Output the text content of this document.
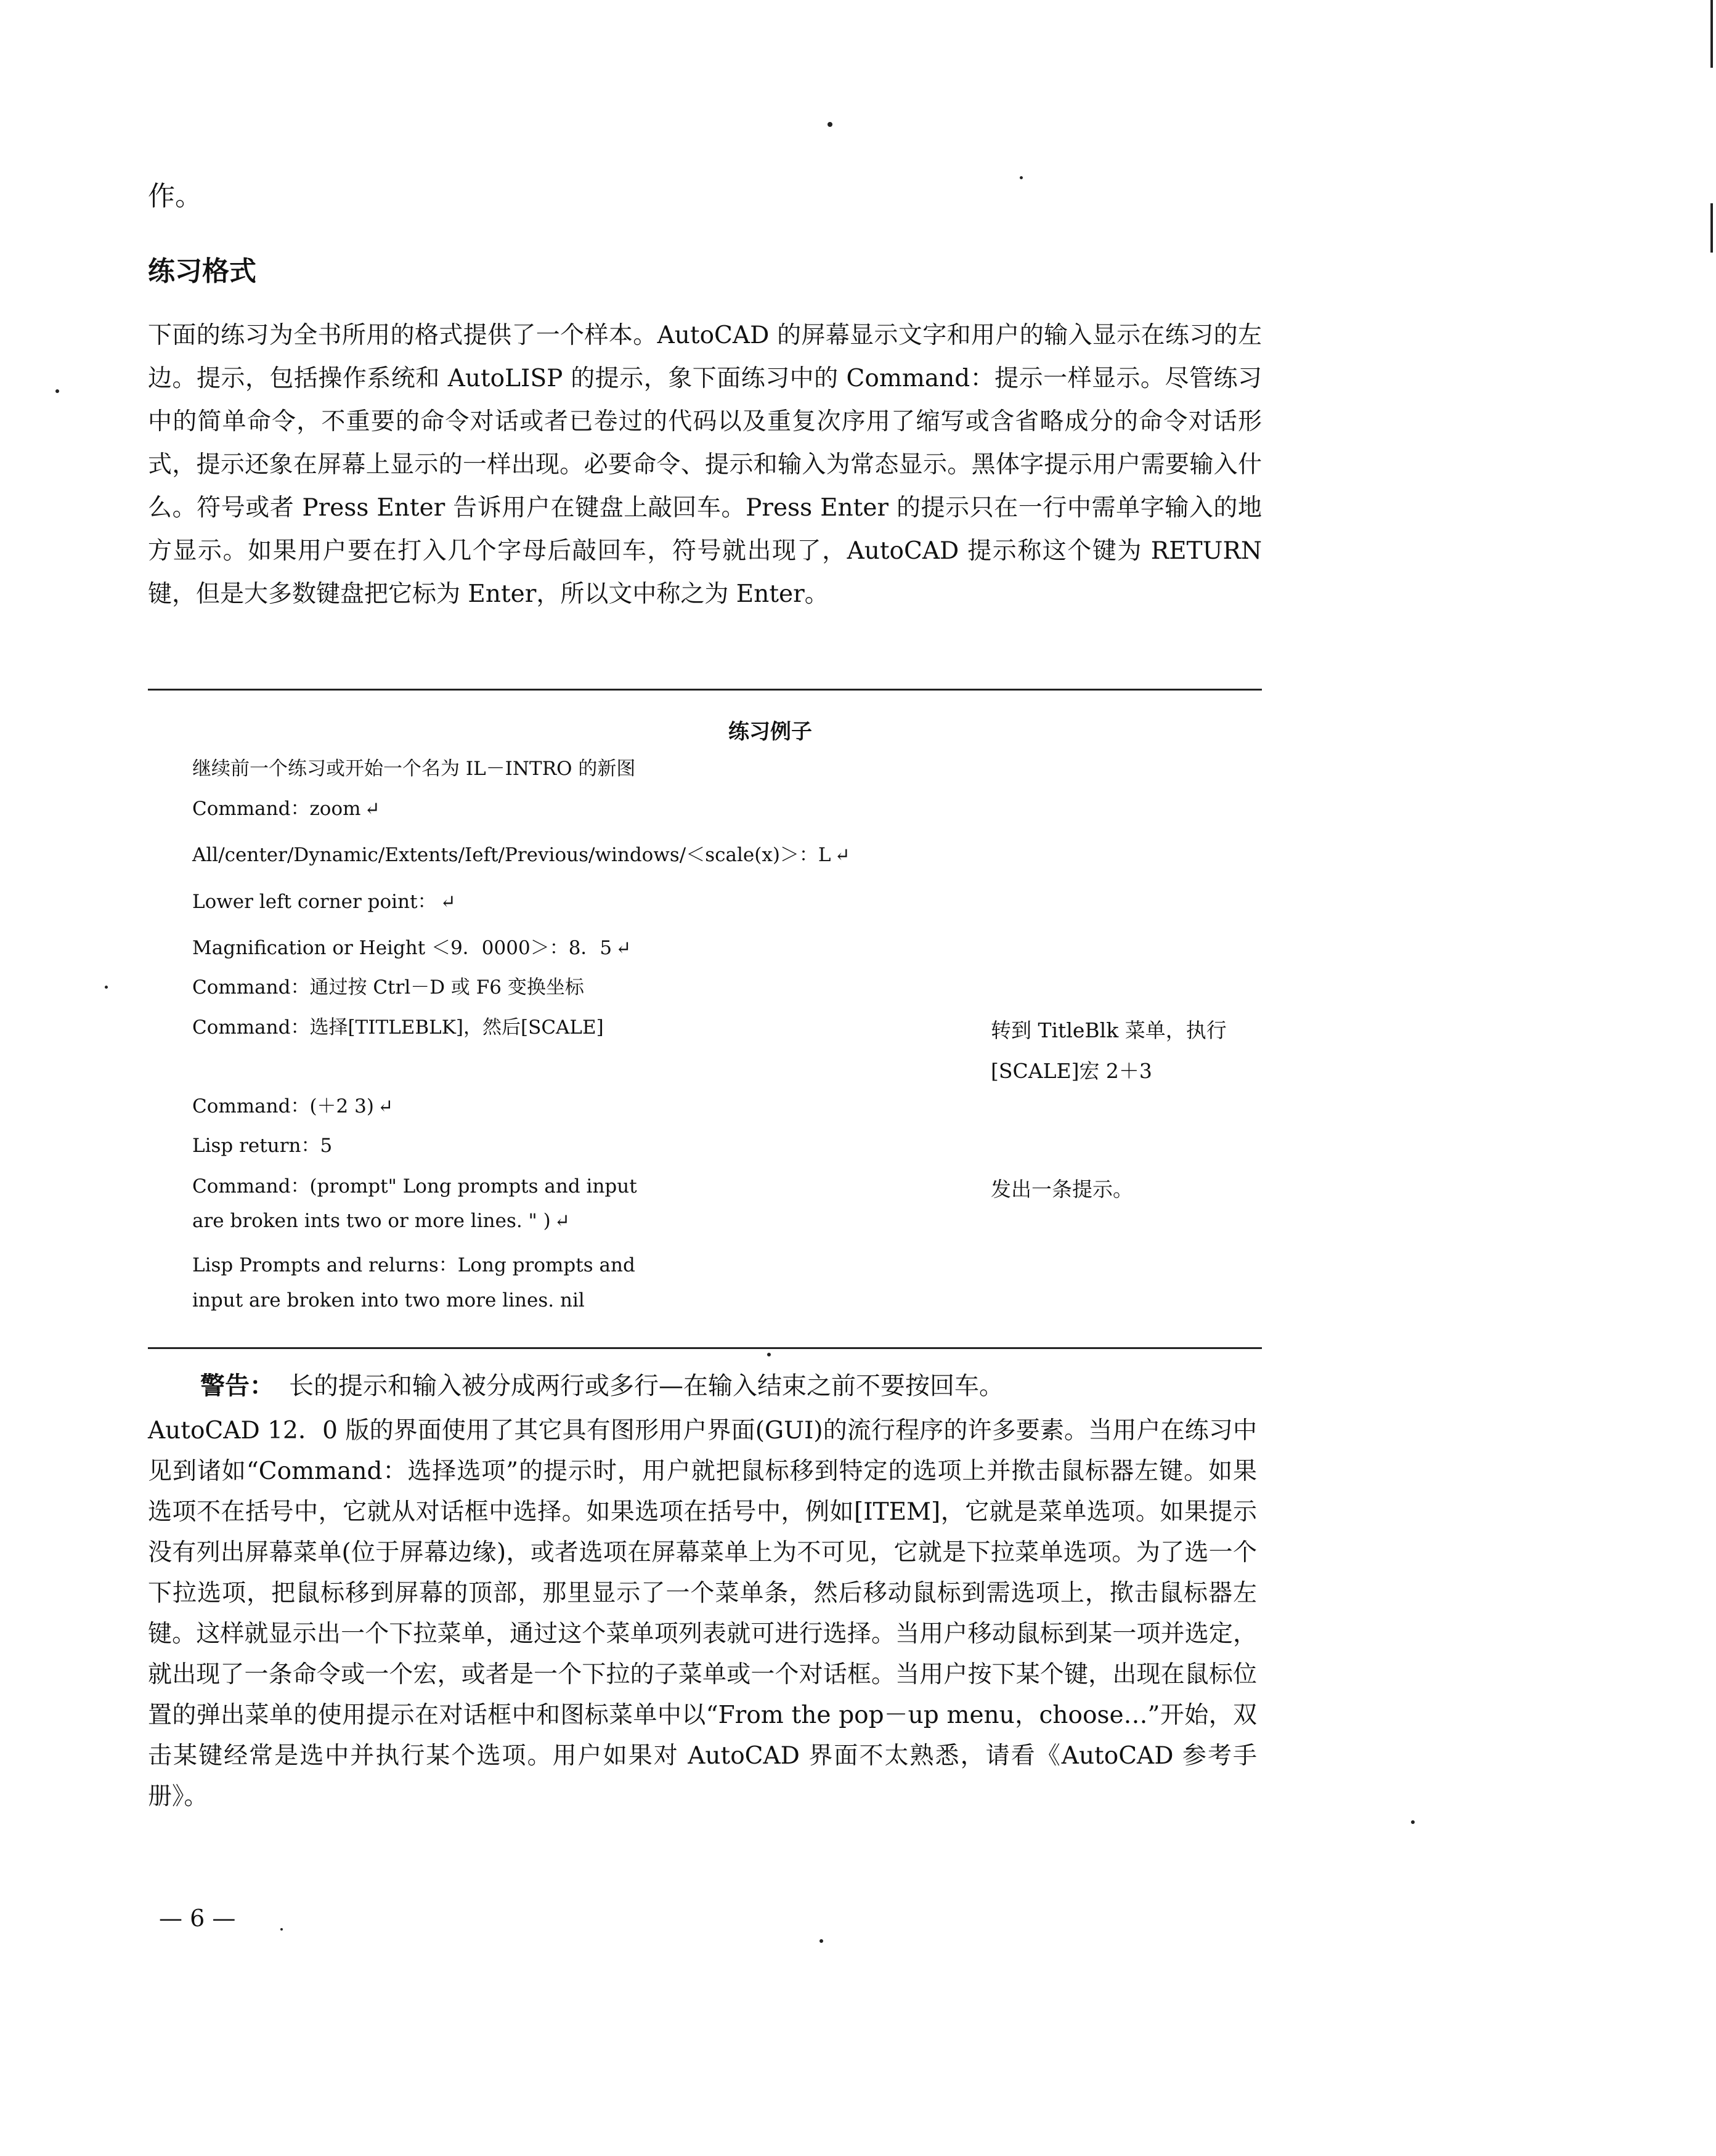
作。
练习格式
下面的练习为全书所用的格式提供了一个样本。AutoCAD 的屏幕显示文字和用户的输入显示在练习的左边。提示，包括操作系统和 AutoLISP 的提示，象下面练习中的 Command：提示一样显示。尽管练习中的简单命令，不重要的命令对话或者已卷过的代码以及重复次序用了缩写或含省略成分的命令对话形式，提示还象在屏幕上显示的一样出现。必要命令、提示和输入为常态显示。黑体字提示用户需要输入什么。符号或者 Press Enter 告诉用户在键盘上敲回车。Press Enter 的提示只在一行中需单字输入的地方显示。如果用户要在打入几个字母后敲回车，符号就出现了，AutoCAD 提示称这个键为 RETURN 键，但是大多数键盘把它标为 Enter，所以文中称之为 Enter。
练习例子
继续前一个练习或开始一个名为 IL－INTRO 的新图
Command：zoom ↵
All/center/Dynamic/Extents/Ieft/Previous/windows/＜scale(x)＞：L ↵
Lower left corner point： ↵
Magnification or Height ＜9．0000＞：8．5 ↵
Command：通过按 Ctrl－D 或 F6 变换坐标
Command：选择[TITLEBLK]，然后[SCALE]
Command：(＋2 3) ↵
Lisp return：5
Command：(prompt" Long prompts and input
are broken ints two or more lines. " ) ↵
Lisp Prompts and relurns：Long prompts and
input are broken into two more lines. nil
转到 TitleBlk 菜单，执行
[SCALE]宏 2＋3
发出一条提示。
警告： 长的提示和输入被分成两行或多行—在输入结束之前不要按回车。
AutoCAD 12．0 版的界面使用了其它具有图形用户界面(GUI)的流行程序的许多要素。当用户在练习中见到诸如“Command：选择选项”的提示时，用户就把鼠标移到特定的选项上并揿击鼠标器左键。如果选项不在括号中，它就从对话框中选择。如果选项在括号中，例如[ITEM]，它就是菜单选项。如果提示没有列出屏幕菜单(位于屏幕边缘)，或者选项在屏幕菜单上为不可见，它就是下拉菜单选项。为了选一个下拉选项，把鼠标移到屏幕的顶部，那里显示了一个菜单条，然后移动鼠标到需选项上，揿击鼠标器左键。这样就显示出一个下拉菜单，通过这个菜单项列表就可进行选择。当用户移动鼠标到某一项并选定，就出现了一条命令或一个宏，或者是一个下拉的子菜单或一个对话框。当用户按下某个键，出现在鼠标位置的弹出菜单的使用提示在对话框中和图标菜单中以“From the pop－up menu，choose…”开始，双击某键经常是选中并执行某个选项。用户如果对 AutoCAD 界面不太熟悉，请看《AutoCAD 参考手册》。
— 6 —
